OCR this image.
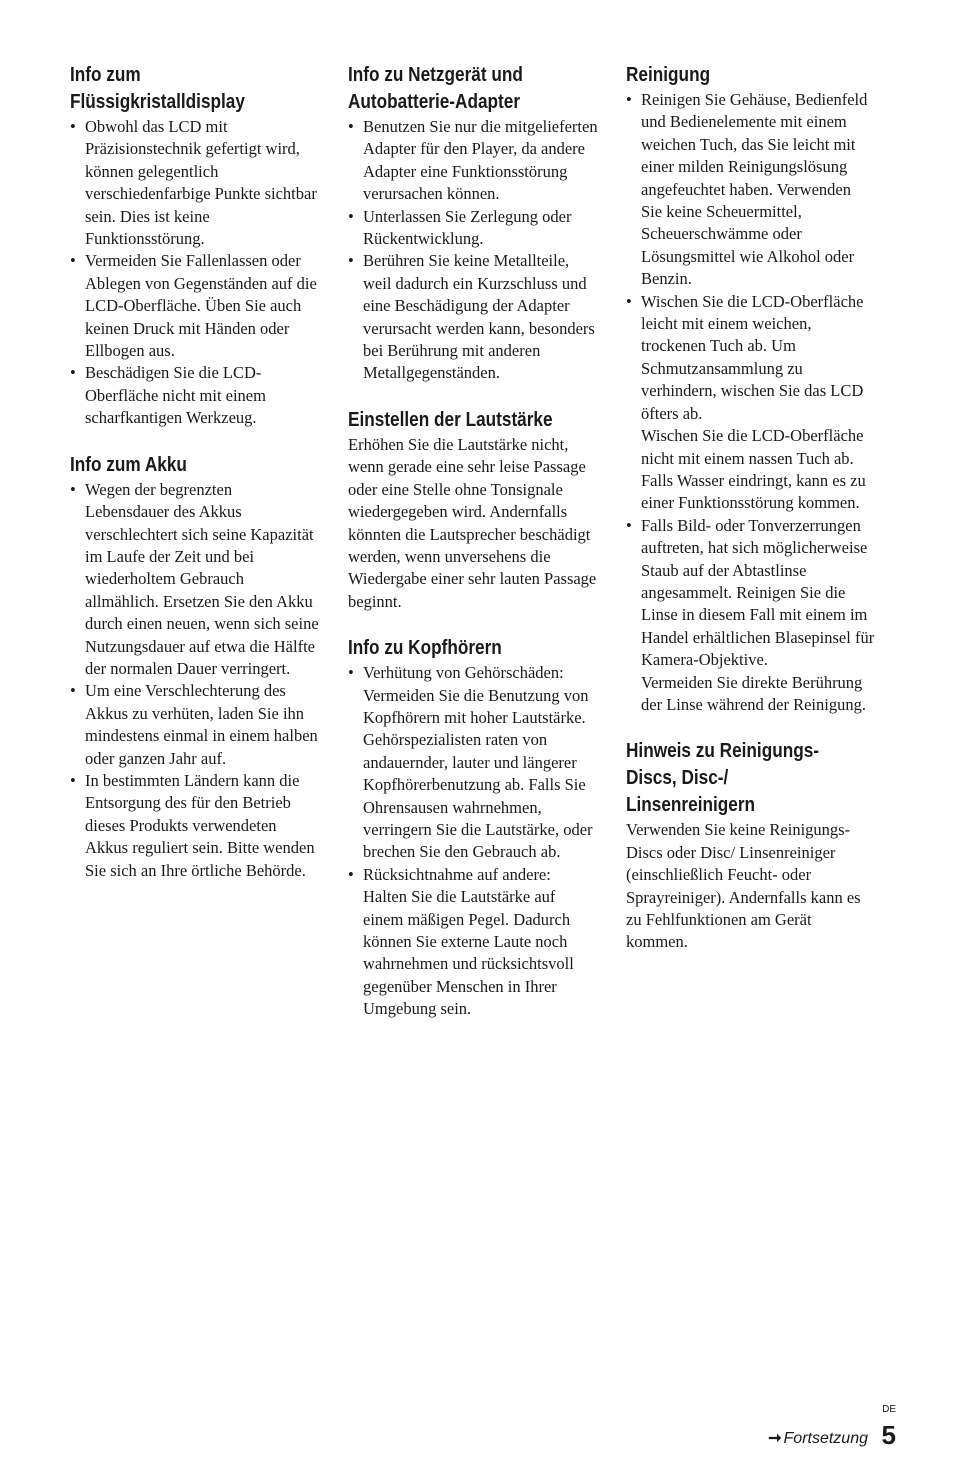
Info zum
Flüssigkristalldisplay

• Obwohl das LCD mit Präzisionstechnik gefertigt wird, können gelegentlich verschiedenfarbige Punkte sichtbar sein. Dies ist keine Funktionsstörung.

• Vermeiden Sie Fallenlassen oder Ablegen von Gegenständen auf die LCD-Oberfläche. Üben Sie auch keinen Druck mit Händen oder Ellbogen aus.

• Beschädigen Sie die LCD-Oberfläche nicht mit einem scharfkantigen Werkzeug.

Info zum Akku

• Wegen der begrenzten Lebensdauer des Akkus verschlechtert sich seine Kapazität im Laufe der Zeit und bei wiederholtem Gebrauch allmählich. Ersetzen Sie den Akku durch einen neuen, wenn sich seine Nutzungsdauer auf etwa die Hälfte der normalen Dauer verringert.

• Um eine Verschlechterung des Akkus zu verhüten, laden Sie ihn mindestens einmal in einem halben oder ganzen Jahr auf.

• In bestimmten Ländern kann die Entsorgung des für den Betrieb dieses Produkts verwendeten Akkus reguliert sein. Bitte wenden Sie sich an Ihre örtliche Behörde.

Info zu Netzgerät und
Autobatterie-Adapter

• Benutzen Sie nur die mitgelieferten Adapter für den Player, da andere Adapter eine Funktionsstörung verursachen können.

• Unterlassen Sie Zerlegung oder Rückentwicklung.

• Berühren Sie keine Metallteile, weil dadurch ein Kurzschluss und eine Beschädigung der Adapter verursacht werden kann, besonders bei Berührung mit anderen Metallgegenständen.

Einstellen der Lautstärke

Erhöhen Sie die Lautstärke nicht, wenn gerade eine sehr leise Passage oder eine Stelle ohne Tonsignale wiedergegeben wird. Andernfalls könnten die Lautsprecher beschädigt werden, wenn unversehens die Wiedergabe einer sehr lauten Passage beginnt.

Info zu Kopfhörern

• Verhütung von Gehörschäden: Vermeiden Sie die Benutzung von Kopfhörern mit hoher Lautstärke. Gehörspezialisten raten von andauernder, lauter und längerer Kopfhörerbenutzung ab. Falls Sie Ohrensausen wahrnehmen, verringern Sie die Lautstärke, oder brechen Sie den Gebrauch ab.

• Rücksichtnahme auf andere: Halten Sie die Lautstärke auf einem mäßigen Pegel. Dadurch können Sie externe Laute noch wahrnehmen und rücksichtsvoll gegenüber Menschen in Ihrer Umgebung sein.

Reinigung

• Reinigen Sie Gehäuse, Bedienfeld und Bedienelemente mit einem weichen Tuch, das Sie leicht mit einer milden Reinigungslösung angefeuchtet haben. Verwenden Sie keine Scheuermittel, Scheuerschwämme oder Lösungsmittel wie Alkohol oder Benzin.

• Wischen Sie die LCD-Oberfläche leicht mit einem weichen, trockenen Tuch ab. Um Schmutzansammlung zu verhindern, wischen Sie das LCD öfters ab.
Wischen Sie die LCD-Oberfläche nicht mit einem nassen Tuch ab. Falls Wasser eindringt, kann es zu einer Funktionsstörung kommen.

• Falls Bild- oder Tonverzerrungen auftreten, hat sich möglicherweise Staub auf der Abtastlinse angesammelt. Reinigen Sie die Linse in diesem Fall mit einem im Handel erhältlichen Blasepinsel für Kamera-Objektive.
Vermeiden Sie direkte Berührung der Linse während der Reinigung.

Hinweis zu Reinigungs-
Discs, Disc-/
Linsenreinigern

Verwenden Sie keine Reinigungs-Discs oder Disc/ Linsenreiniger (einschließlich Feucht- oder Sprayreiniger). Andernfalls kann es zu Fehlfunktionen am Gerät kommen.

DE
➞ Fortsetzung 5
